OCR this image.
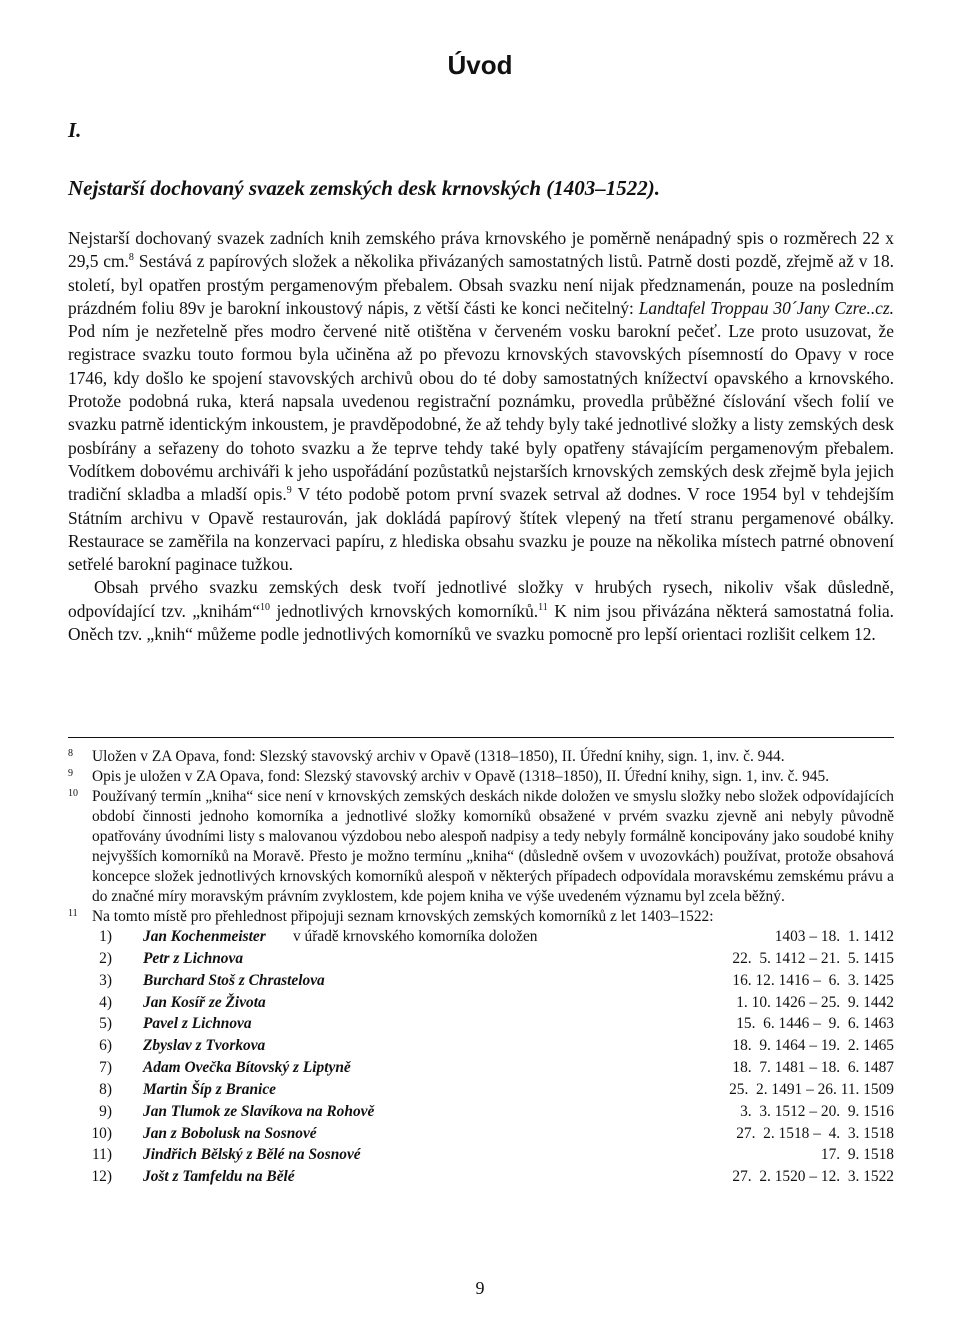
Úvod
I.
Nejstarší dochovaný svazek zemských desk krnovských (1403–1522).

Nejstarší dochovaný svazek zadních knih zemského práva krnovského je poměrně nenápadný spis o rozměrech 22 x 29,5 cm.$^8$ Sestává z papírových složek a několika přivázaných samostatných listů. Patrně dosti pozdě, zřejmě až v 18. století, byl opatřen prostým pergamenovým přebalem. Obsah svazku není nijak předznamenán, pouze na posledním prázdném foliu 89v je barokní inkoustový nápis, z větší části ke konci nečitelný: Landtafel Troppau 30´Jany Czre..cz. Pod ním je nezřetelně přes modro červené nitě otištěna v červeném vosku barokní pečeť. Lze proto usuzovat, že registrace svazku touto formou byla učiněna až po převozu krnovských stavovských písemností do Opavy v roce 1746, kdy došlo ke spojení stavovských archivů obou do té doby samostatných knížectví opavského a krnovského. Protože podobná ruka, která napsala uvedenou registrační poznámku, provedla průběžné číslování všech folií ve svazku patrně identickým inkoustem, je pravděpodobné, že až tehdy byly také jednotlivé složky a listy zemských desk posbírány a seřazeny do tohoto svazku a že teprve tehdy také byly opatřeny stávajícím pergamenovým přebalem. Vodítkem dobovému archiváři k jeho uspořádání pozůstatků nejstarších krnovských zemských desk zřejmě byla jejich tradiční skladba a mladší opis.$^9$ V této podobě potom první svazek setrval až dodnes. V roce 1954 byl v tehdejším Státním archivu v Opavě restaurován, jak dokládá papírový štítek vlepený na třetí stranu pergamenové obálky. Restaurace se zaměřila na konzervaci papíru, z hlediska obsahu svazku je pouze na několika místech patrné obnovení setřelé barokní paginace tužkou.

Obsah prvého svazku zemských desk tvoří jednotlivé složky v hrubých rysech, nikoliv však důsledně, odpovídající tzv. „knihám“$^{10}$ jednotlivých krnovských komorníků.$^{11}$ K nim jsou přivázána některá samostatná folia. Oněch tzv. „knih“ můžeme podle jednotlivých komorníků ve svazku pomocně pro lepší orientaci rozlišit celkem 12.

8 Uložen v ZA Opava, fond: Slezský stavovský archiv v Opavě (1318–1850), II. Úřední knihy, sign. 1, inv. č. 944.
9 Opis je uložen v ZA Opava, fond: Slezský stavovský archiv v Opavě (1318–1850), II. Úřední knihy, sign. 1, inv. č. 945.
10 Používaný termín „kniha“ sice není v krnovských zemských deskách nikde doložen ve smyslu složky nebo složek odpovídajících období činnosti jednoho komorníka a jednotlivé složky komorníků obsažené v prvém svazku zjevně ani nebyly původně opatřovány úvodními listy s malovanou výzdobou nebo alespoň nadpisy a tedy nebyly formálně koncipovány jako soudobé knihy nejvyšších komorníků na Moravě. Přesto je možno termínu „kniha“ (důsledně ovšem v uvozovkách) používat, protože obsahová koncepce složek jednotlivých krnovských komorníků alespoň v některých případech odpovídala moravskému zemskému právu a do značné míry moravským právním zvyklostem, kde pojem kniha ve výše uvedeném významu byl zcela běžný.
11 Na tomto místě pro přehlednost připojuji seznam krnovských zemských komorníků z let 1403–1522:
1) Jan Kochenmeister v úřadě krnovského komorníka doložen	1403 – 18.  1. 1412
2) Petr z Lichnova	22.  5. 1412 – 21.  5. 1415
3) Burchard Stoš z Chrastelova	16. 12. 1416 –  6.  3. 1425
4) Jan Kosíř ze Života	1. 10. 1426 – 25.  9. 1442
5) Pavel z Lichnova	15.  6. 1446 –  9.  6. 1463
6) Zbyslav z Tvorkova	18.  9. 1464 – 19.  2. 1465
7) Adam Ovečka Bítovský z Liptyně	18.  7. 1481 – 18.  6. 1487
8) Martin Šíp z Branice	25.  2. 1491 – 26. 11. 1509
9) Jan Tlumok ze Slavíkova na Rohově	3.  3. 1512 – 20.  9. 1516
10) Jan z Bobolusk na Sosnové	27.  2. 1518 –  4.  3. 1518
11) Jindřich Bělský z Bělé na Sosnové	17.  9. 1518
12) Jošt z Tamfeldu na Bělé	27.  2. 1520 – 12.  3. 1522
9
